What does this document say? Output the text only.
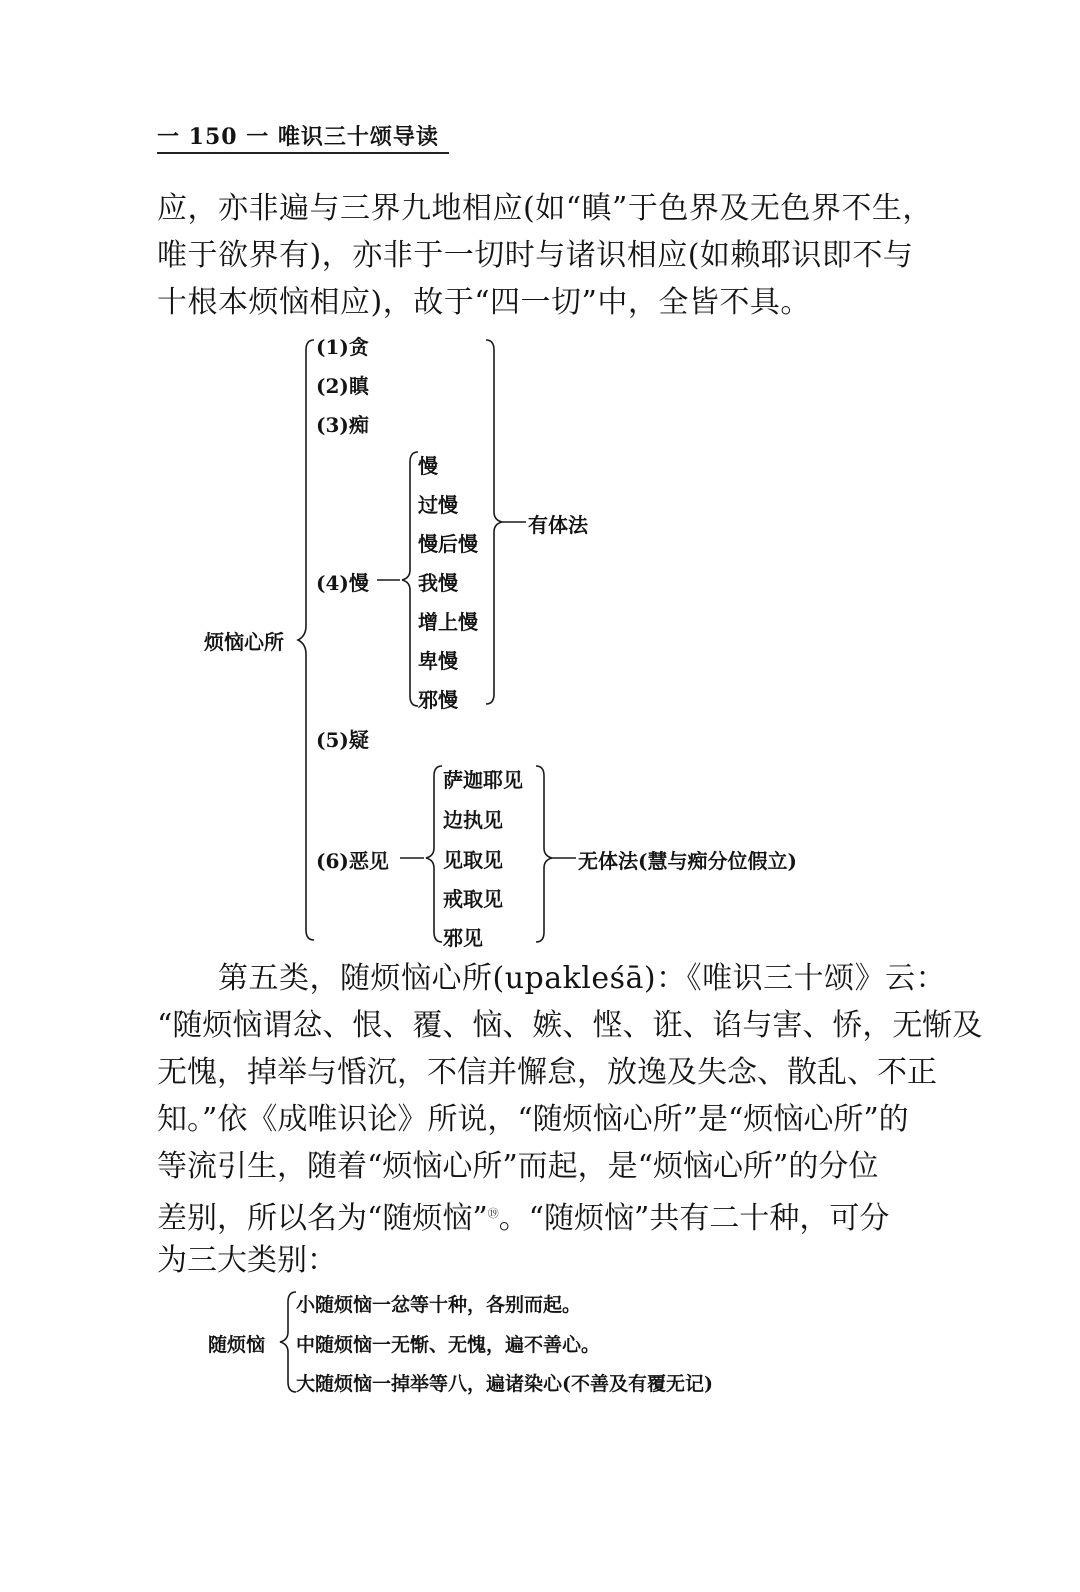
一 150 一 唯识三十颂导读
应，亦非遍与三界九地相应(如“瞋”于色界及无色界不生，
唯于欲界有)，亦非于一切时与诸识相应(如赖耶识即不与
十根本烦恼相应)，故于“四一切”中，全皆不具。
烦恼心所
(1)贪
(2)瞋
(3)痴
(4)慢
(5)疑
(6)恶见
慢
过慢
慢后慢
我慢
增上慢
卑慢
邪慢
有体法
萨迦耶见
边执见
见取见
戒取见
邪见
无体法(慧与痴分位假立)
第五类，随烦恼心所(upakleśā)：《唯识三十颂》云：
“随烦恼谓忿、恨、覆、恼、嫉、悭、诳、谄与害、㤭，无惭及
无愧，掉举与惛沉，不信并懈怠，放逸及失念、散乱、不正
知。”依《成唯识论》所说，“随烦恼心所”是“烦恼心所”的
等流引生，随着“烦恼心所”而起，是“烦恼心所”的分位
差别，所以名为“随烦恼”⑲。“随烦恼”共有二十种，可分
为三大类别：
随烦恼
小随烦恼一忿等十种，各别而起。
中随烦恼一无惭、无愧，遍不善心。
大随烦恼一掉举等八，遍诸染心(不善及有覆无记)
